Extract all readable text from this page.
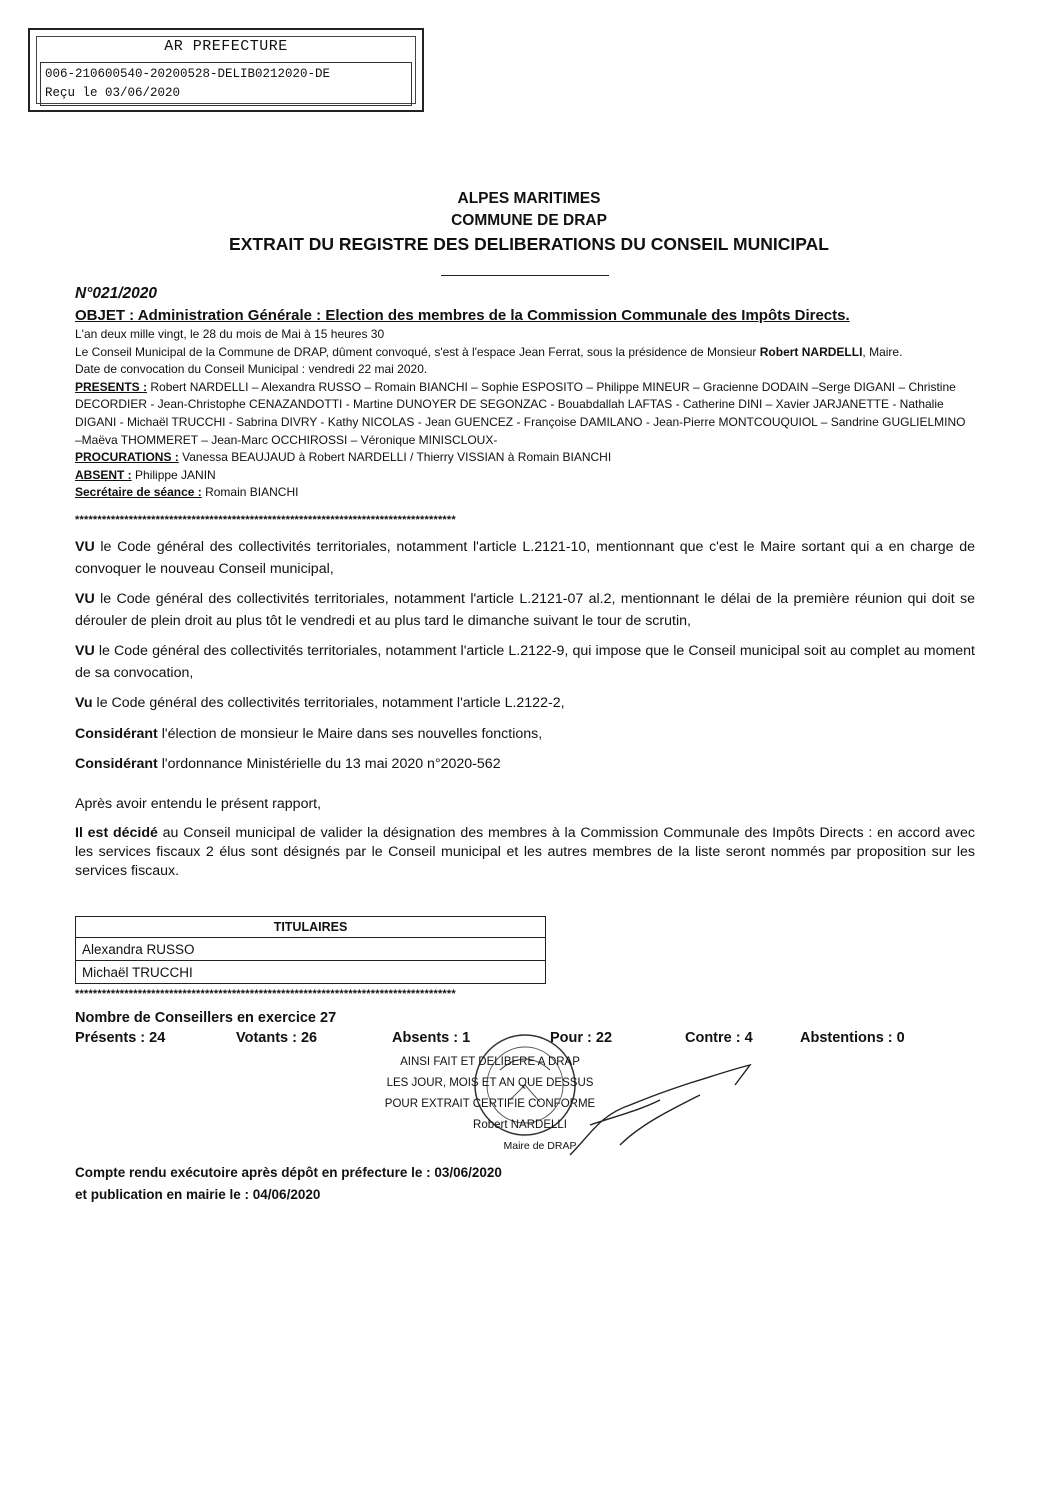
AR PREFECTURE
006-210600540-20200528-DELIB0212020-DE
Reçu le 03/06/2020
ALPES MARITIMES
COMMUNE DE DRAP
EXTRAIT DU REGISTRE DES DELIBERATIONS DU CONSEIL MUNICIPAL
N°021/2020
OBJET : Administration Générale : Election des membres de la Commission Communale des Impôts Directs.

L'an deux mille vingt, le 28 du mois de Mai à 15 heures 30

Le Conseil Municipal de la Commune de DRAP, dûment convoqué, s'est à l'espace Jean Ferrat, sous la présidence de Monsieur Robert NARDELLI, Maire.

Date de convocation du Conseil Municipal : vendredi 22 mai 2020.

PRESENTS : Robert NARDELLI – Alexandra RUSSO – Romain BIANCHI – Sophie ESPOSITO – Philippe MINEUR – Gracienne DODAIN –Serge DIGANI – Christine DECORDIER - Jean-Christophe CENAZANDOTTI - Martine DUNOYER DE SEGONZAC - Bouabdallah LAFTAS - Catherine DINI – Xavier JARJANETTE - Nathalie DIGANI - Michaël TRUCCHI - Sabrina DIVRY - Kathy NICOLAS - Jean GUENCEZ - Françoise DAMILANO - Jean-Pierre MONTCOUQUIOL – Sandrine GUGLIELMINO –Maëva THOMMERET – Jean-Marc OCCHIROSSI – Véronique MINISCLOUX-

PROCURATIONS : Vanessa BEAUJAUD à Robert NARDELLI / Thierry VISSIAN à Romain BIANCHI

ABSENT : Philippe JANIN

Secrétaire de séance : Romain BIANCHI

*************************************************************************************

VU le Code général des collectivités territoriales, notamment l'article L.2121-10, mentionnant que c'est le Maire sortant qui a en charge de convoquer le nouveau Conseil municipal,

VU le Code général des collectivités territoriales, notamment l'article L.2121-07 al.2, mentionnant le délai de la première réunion qui doit se dérouler de plein droit au plus tôt le vendredi et au plus tard le dimanche suivant le tour de scrutin,

VU le Code général des collectivités territoriales, notamment l'article L.2122-9, qui impose que le Conseil municipal soit au complet au moment de sa convocation,

Vu le Code général des collectivités territoriales, notamment l'article L.2122-2,

Considérant l'élection de monsieur le Maire dans ses nouvelles fonctions,

Considérant l'ordonnance Ministérielle du 13 mai 2020 n°2020-562

Après avoir entendu le présent rapport,

Il est décidé au Conseil municipal de valider la désignation des membres à la Commission Communale des Impôts Directs : en accord avec les services fiscaux 2 élus sont désignés par le Conseil municipal et les autres membres de la liste seront nommés par proposition sur les services fiscaux.

TITULAIRES
Alexandra RUSSO
Michaël TRUCCHI
*************************************************************************************
Nombre de Conseillers en exercice 27
Présents : 24	Votants : 26	Absents : 1	Pour : 22	Contre : 4	Abstentions : 0
AINSI FAIT ET DELIBERE A DRAP
LES JOUR, MOIS ET AN QUE DESSUS
POUR EXTRAIT CERTIFIE CONFORME
Robert NARDELLI
Maire de DRAP
Compte rendu exécutoire après dépôt en préfecture le : 03/06/2020
et publication en mairie le : 04/06/2020
